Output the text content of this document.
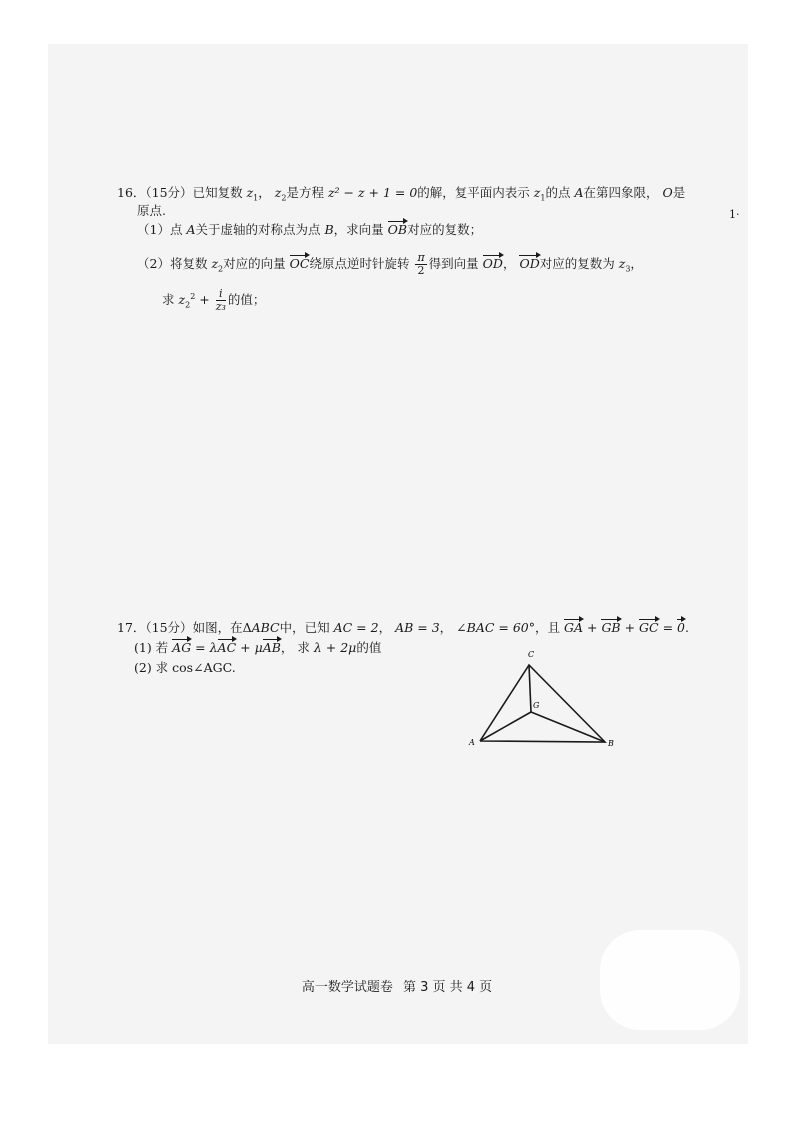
1·
16．（15分）已知复数 $z_1$， $z_2$是方程 z² − z + 1 = 0的解，复平面内表示 $z_1$的点 A在第四象限， O是
原点.
（1）点 A关于虚轴的对称点为点 B，求向量 OB对应的复数；
（2）将复数 $z_2$对应的向量 OC绕原点逆时针旋转 $\frac{\pi}{2}$ 得到向量 OD， OD对应的复数为 $z_3$，
求 $z_2^2 + \frac{i}{\text{z₃}}$ 的值；
17．（15分）如图，在ΔABC中，已知 AC = 2， AB = 3， ∠BAC = 60°，且 GA + GB + GC = 0.
(1) 若 AG = λAC + μAB， 求 λ + 2μ的值
(2) 求 cos∠AGC.
C
G
A	B
高一数学试题卷 第 3 页 共 4 页
